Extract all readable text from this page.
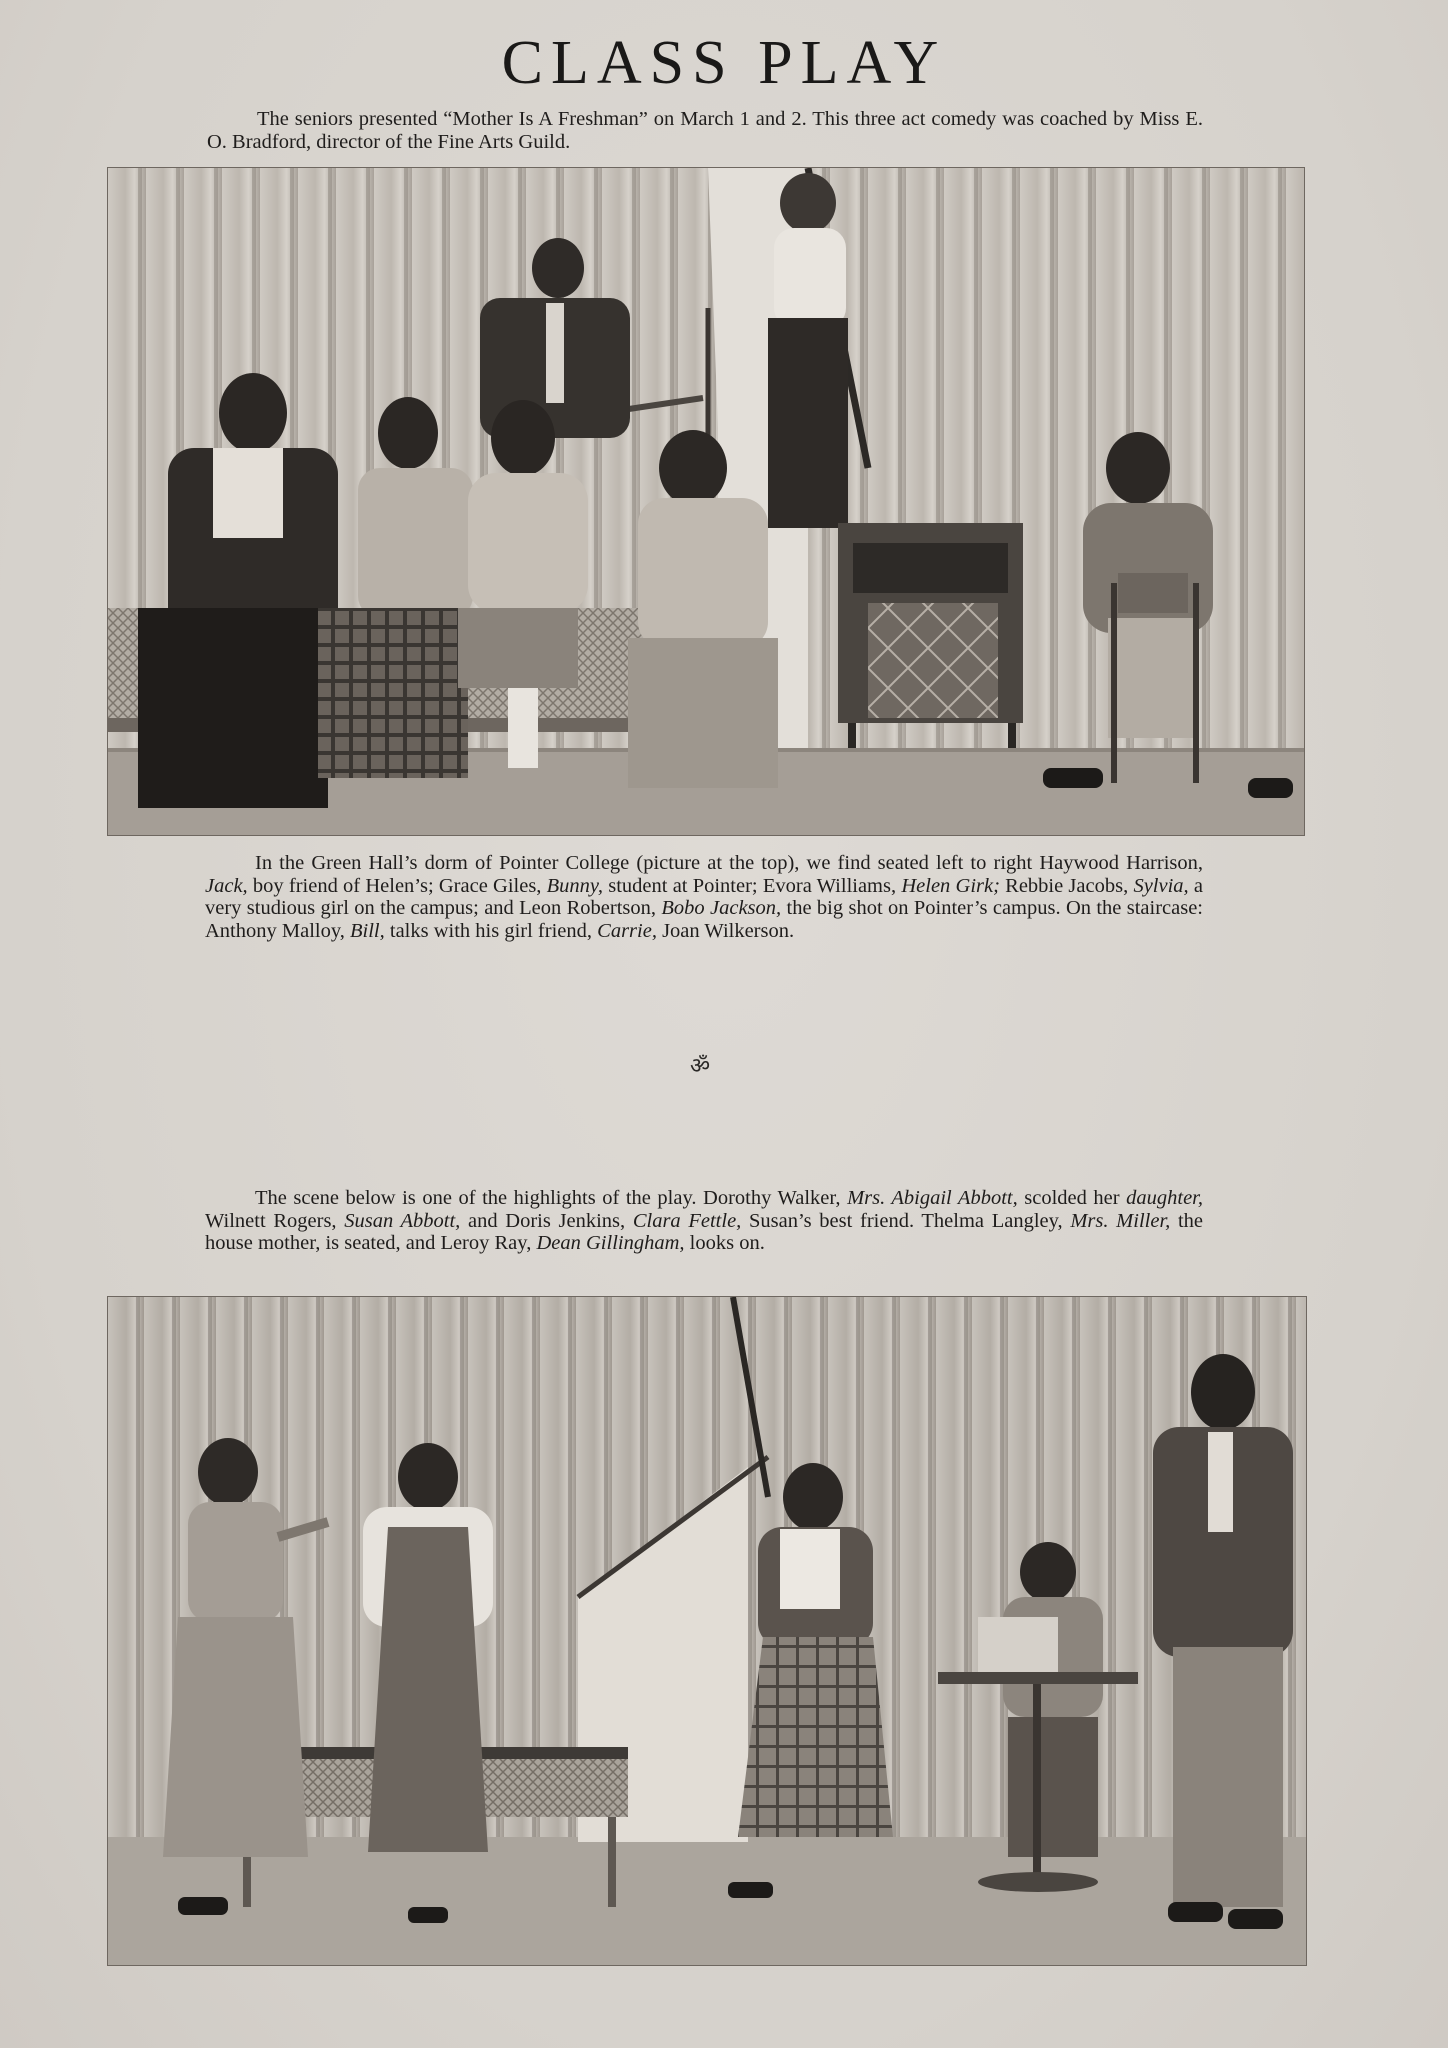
CLASS PLAY

The seniors presented “Mother Is A Freshman” on March 1 and 2. This three act comedy was coached by Miss E. O. Bradford, director of the Fine Arts Guild.

In the Green Hall’s dorm of Pointer College (picture at the top), we find seated left to right Haywood Harrison, Jack, boy friend of Helen’s; Grace Giles, Bunny, student at Pointer; Evora Williams, Helen Girk; Rebbie Jacobs, Sylvia, a very studious girl on the campus; and Leon Robertson, Bobo Jackson, the big shot on Pointer’s campus. On the staircase: Anthony Malloy, Bill, talks with his girl friend, Carrie, Joan Wilkerson.

ॐ

The scene below is one of the highlights of the play. Dorothy Walker, Mrs. Abigail Abbott, scolded her daughter, Wilnett Rogers, Susan Abbott, and Doris Jenkins, Clara Fettle, Susan’s best friend. Thelma Langley, Mrs. Miller, the house mother, is seated, and Leroy Ray, Dean Gillingham, looks on.
